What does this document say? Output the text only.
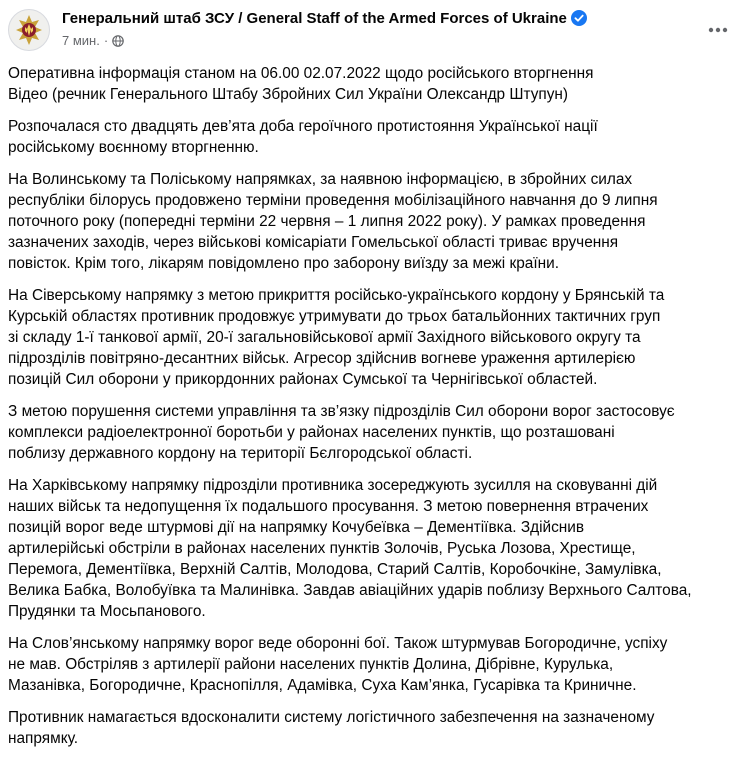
Генеральний штаб ЗСУ / General Staff of the Armed Forces of Ukraine
7 мин. ·

Оперативна інформація станом на 06.00 02.07.2022 щодо російського вторгнення
Відео (речник Генерального Штабу Збройних Сил України Олександр Штупун)

Розпочалася сто двадцять дев’ята доба героїчного протистояння Української нації
російському воєнному вторгненню.

На Волинському та Поліському напрямках, за наявною інформацією, в збройних силах
республіки білорусь продовжено терміни проведення мобілізаційного навчання до 9 липня
поточного року (попередні терміни 22 червня – 1 липня 2022 року). У рамках проведення
зазначених заходів, через військові комісаріати Гомельської області триває вручення
повісток. Крім того, лікарям повідомлено про заборону виїзду за межі країни.

На Сіверському напрямку з метою прикриття російсько-українського кордону у Брянській та
Курській областях противник продовжує утримувати до трьох батальйонних тактичних груп
зі складу 1-ї танкової армії, 20-ї загальновійськової армії Західного військового округу та
підрозділів повітряно-десантних військ. Агресор здійснив вогневе ураження артилерією
позицій Сил оборони у прикордонних районах Сумської та Чернігівської областей.

З метою порушення системи управління та зв’язку підрозділів Сил оборони ворог застосовує
комплекси радіоелектронної боротьби у районах населених пунктів, що розташовані
поблизу державного кордону на території Бєлгородської області.

На Харківському напрямку підрозділи противника зосереджують зусилля на сковуванні дій
наших військ та недопущення їх подальшого просування. З метою повернення втрачених
позицій ворог веде штурмові дії на напрямку Кочубеївка – Дементіївка. Здійснив
артилерійські обстріли в районах населених пунктів Золочів, Руська Лозова, Хрестище,
Перемога, Дементіївка, Верхній Салтів, Молодова, Старий Салтів, Коробочкіне, Замулівка,
Велика Бабка, Волобуївка та Малинівка. Завдав авіаційних ударів поблизу Верхнього Салтова,
Прудянки та Мосьпанового.

На Слов’янському напрямку ворог веде оборонні бої. Також штурмував Богородичне, успіху
не мав. Обстріляв з артилерії райони населених пунктів Долина, Дібрівне, Курулька,
Мазанівка, Богородичне, Краснопілля, Адамівка, Суха Кам’янка, Гусарівка та Криничне.

Противник намагається вдосконалити систему логістичного забезпечення на зазначеному
напрямку.
